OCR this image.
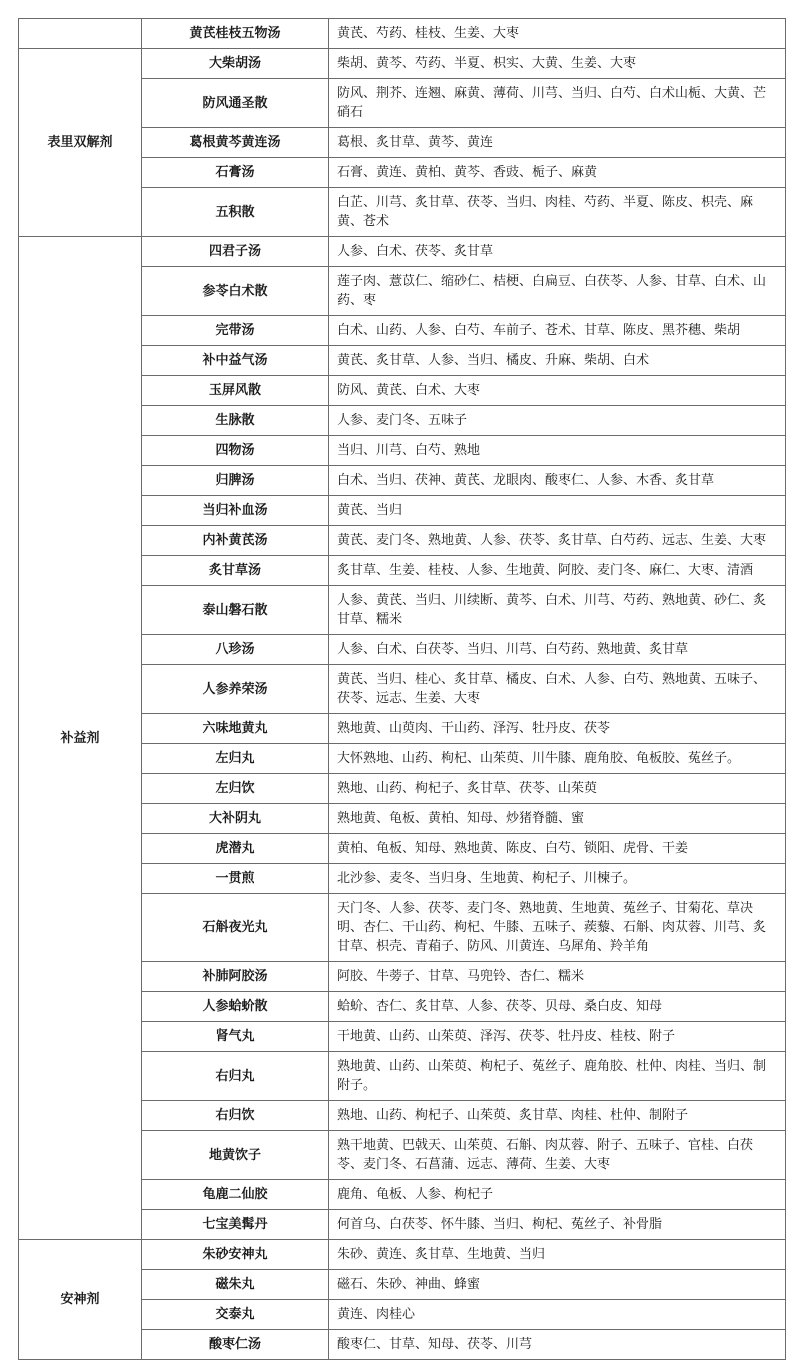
	黄芪桂枝五物汤	黄芪、芍药、桂枝、生姜、大枣
表里双解剂	大柴胡汤	柴胡、黄芩、芍药、半夏、枳实、大黄、生姜、大枣
	防风通圣散	防风、荆芥、连翘、麻黄、薄荷、川芎、当归、白芍、白术山栀、大黄、芒硝石
	葛根黄芩黄连汤	葛根、炙甘草、黄芩、黄连
	石膏汤	石膏、黄连、黄柏、黄芩、香豉、栀子、麻黄
	五积散	白芷、川芎、炙甘草、茯苓、当归、肉桂、芍药、半夏、陈皮、枳壳、麻黄、苍术
补益剂	四君子汤	人参、白术、茯苓、炙甘草
	参苓白术散	莲子肉、薏苡仁、缩砂仁、桔梗、白扁豆、白茯苓、人参、甘草、白术、山药、枣
	完带汤	白术、山药、人参、白芍、车前子、苍术、甘草、陈皮、黑芥穗、柴胡
	补中益气汤	黄芪、炙甘草、人参、当归、橘皮、升麻、柴胡、白术
	玉屏风散	防风、黄芪、白术、大枣
	生脉散	人参、麦门冬、五味子
	四物汤	当归、川芎、白芍、熟地
	归脾汤	白术、当归、茯神、黄芪、龙眼肉、酸枣仁、人参、木香、炙甘草
	当归补血汤	黄芪、当归
	内补黄芪汤	黄芪、麦门冬、熟地黄、人参、茯苓、炙甘草、白芍药、远志、生姜、大枣
	炙甘草汤	炙甘草、生姜、桂枝、人参、生地黄、阿胶、麦门冬、麻仁、大枣、清酒
	泰山磐石散	人参、黄芪、当归、川续断、黄芩、白术、川芎、芍药、熟地黄、砂仁、炙甘草、糯米
	八珍汤	人参、白术、白茯苓、当归、川芎、白芍药、熟地黄、炙甘草
	人参养荣汤	黄芪、当归、桂心、炙甘草、橘皮、白术、人参、白芍、熟地黄、五味子、茯苓、远志、生姜、大枣
	六味地黄丸	熟地黄、山萸肉、干山药、泽泻、牡丹皮、茯苓
	左归丸	大怀熟地、山药、枸杞、山茱萸、川牛膝、鹿角胶、龟板胶、菟丝子。
	左归饮	熟地、山药、枸杞子、炙甘草、茯苓、山茱萸
	大补阴丸	熟地黄、龟板、黄柏、知母、炒猪脊髓、蜜
	虎潜丸	黄柏、龟板、知母、熟地黄、陈皮、白芍、锁阳、虎骨、干姜
	一贯煎	北沙参、麦冬、当归身、生地黄、枸杞子、川楝子。
	石斛夜光丸	天门冬、人参、茯苓、麦门冬、熟地黄、生地黄、菟丝子、甘菊花、草决明、杏仁、干山药、枸杞、牛膝、五味子、蒺藜、石斛、肉苁蓉、川芎、炙甘草、枳壳、青葙子、防风、川黄连、乌犀角、羚羊角
	补肺阿胶汤	阿胶、牛蒡子、甘草、马兜铃、杏仁、糯米
	人参蛤蚧散	蛤蚧、杏仁、炙甘草、人参、茯苓、贝母、桑白皮、知母
	肾气丸	干地黄、山药、山茱萸、泽泻、茯苓、牡丹皮、桂枝、附子
	右归丸	熟地黄、山药、山茱萸、枸杞子、菟丝子、鹿角胶、杜仲、肉桂、当归、制附子。
	右归饮	熟地、山药、枸杞子、山茱萸、炙甘草、肉桂、杜仲、制附子
	地黄饮子	熟干地黄、巴戟天、山茱萸、石斛、肉苁蓉、附子、五味子、官桂、白茯苓、麦门冬、石菖蒲、远志、薄荷、生姜、大枣
	龟鹿二仙胶	鹿角、龟板、人参、枸杞子
	七宝美髯丹	何首乌、白茯苓、怀牛膝、当归、枸杞、菟丝子、补骨脂
安神剂	朱砂安神丸	朱砂、黄连、炙甘草、生地黄、当归
	磁朱丸	磁石、朱砂、神曲、蜂蜜
	交泰丸	黄连、肉桂心
	酸枣仁汤	酸枣仁、甘草、知母、茯苓、川芎
